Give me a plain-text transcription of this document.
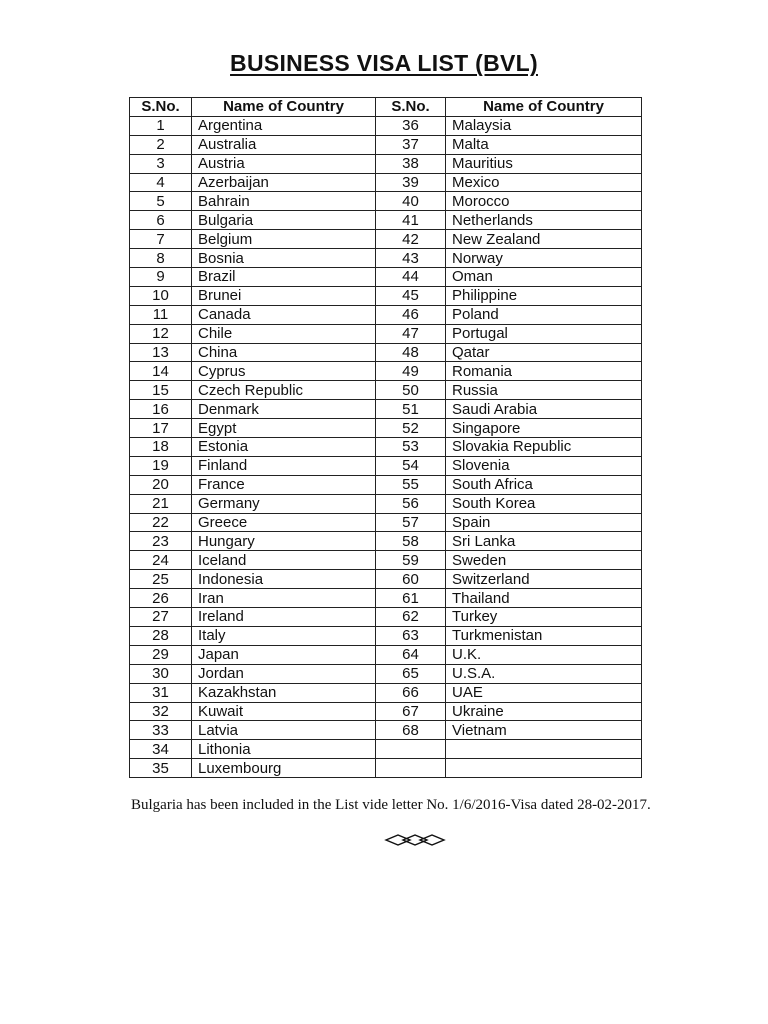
BUSINESS VISA LIST (BVL)
S.No.	Name of Country	S.No.	Name of Country
1	Argentina	36	Malaysia
2	Australia	37	Malta
3	Austria	38	Mauritius
4	Azerbaijan	39	Mexico
5	Bahrain	40	Morocco
6	Bulgaria	41	Netherlands
7	Belgium	42	New Zealand
8	Bosnia	43	Norway
9	Brazil	44	Oman
10	Brunei	45	Philippine
11	Canada	46	Poland
12	Chile	47	Portugal
13	China	48	Qatar
14	Cyprus	49	Romania
15	Czech Republic	50	Russia
16	Denmark	51	Saudi Arabia
17	Egypt	52	Singapore
18	Estonia	53	Slovakia Republic
19	Finland	54	Slovenia
20	France	55	South Africa
21	Germany	56	South Korea
22	Greece	57	Spain
23	Hungary	58	Sri Lanka
24	Iceland	59	Sweden
25	Indonesia	60	Switzerland
26	Iran	61	Thailand
27	Ireland	62	Turkey
28	Italy	63	Turkmenistan
29	Japan	64	U.K.
30	Jordan	65	U.S.A.
31	Kazakhstan	66	UAE
32	Kuwait	67	Ukraine
33	Latvia	68	Vietnam
34	Lithonia		
35	Luxembourg		
Bulgaria has been included in the List vide letter No. 1/6/2016-Visa dated 28-02-2017.
